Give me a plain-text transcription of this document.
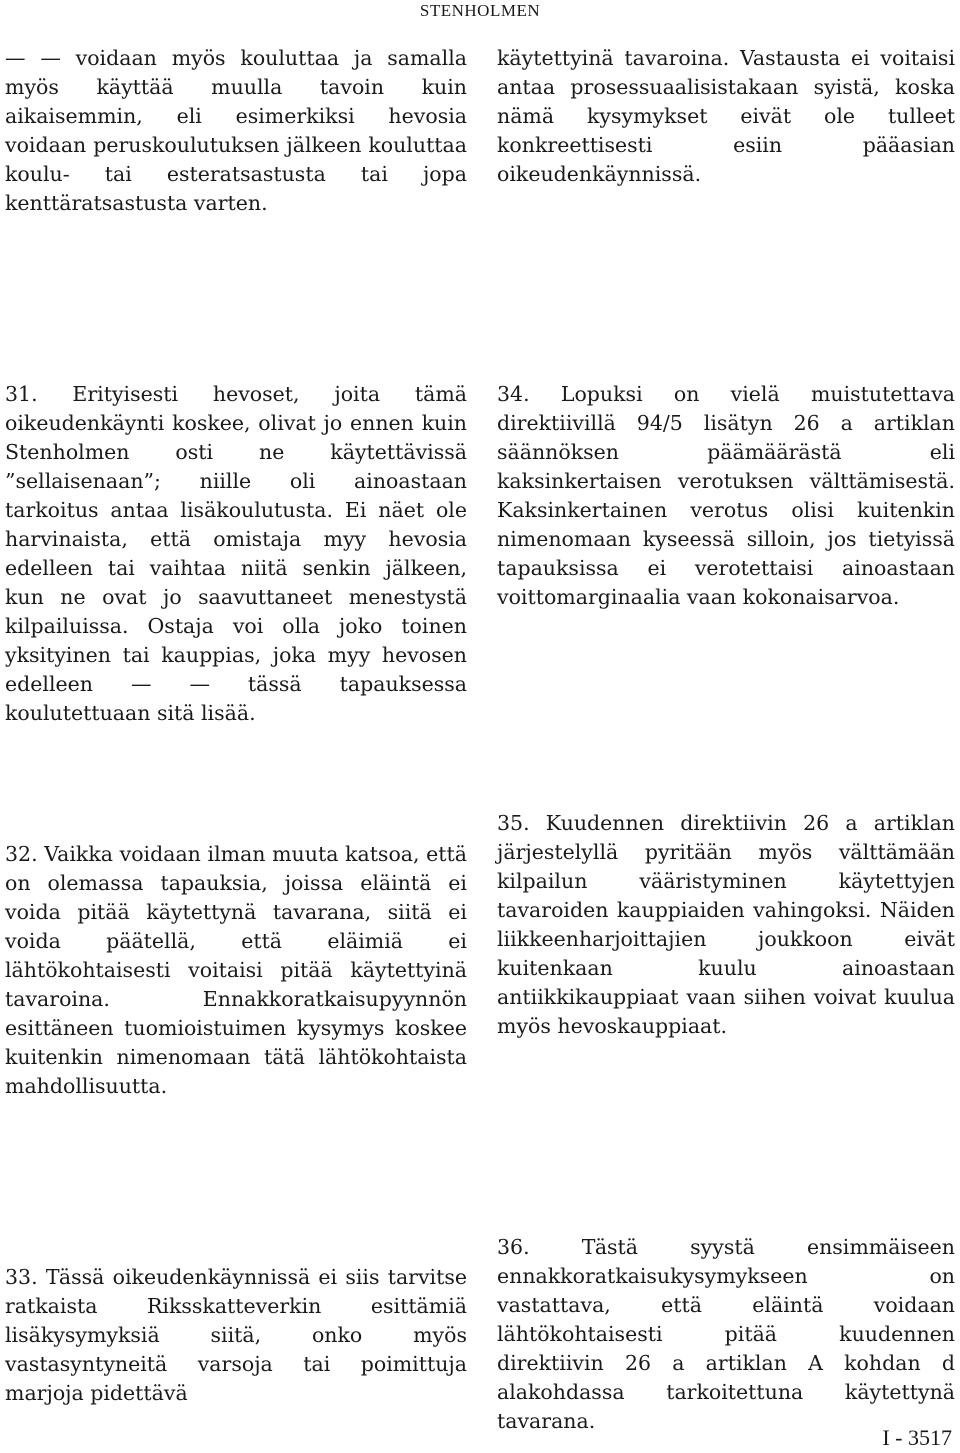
STENHOLMEN

— — voidaan myös kouluttaa ja samalla myös käyttää muulla tavoin kuin aikaisemmin, eli esimerkiksi hevosia voidaan peruskoulutuksen jälkeen kouluttaa koulu- tai esteratsastusta tai jopa kenttäratsastusta varten.

käytettyinä tavaroina. Vastausta ei voitaisi antaa prosessuaalisistakaan syistä, koska nämä kysymykset eivät ole tulleet konkreettisesti esiin pääasian oikeudenkäynnissä.

31. Erityisesti hevoset, joita tämä oikeudenkäynti koskee, olivat jo ennen kuin Stenholmen osti ne käytettävissä ”sellaisenaan”; niille oli ainoastaan tarkoitus antaa lisäkoulutusta. Ei näet ole harvinaista, että omistaja myy hevosia edelleen tai vaihtaa niitä senkin jälkeen, kun ne ovat jo saavuttaneet menestystä kilpailuissa. Ostaja voi olla joko toinen yksityinen tai kauppias, joka myy hevosen edelleen — — tässä tapauksessa koulutettuaan sitä lisää.

34. Lopuksi on vielä muistutettava direktiivillä 94/5 lisätyn 26 a artiklan säännöksen päämäärästä eli kaksinkertaisen verotuksen välttämisestä. Kaksinkertainen verotus olisi kuitenkin nimenomaan kyseessä silloin, jos tietyissä tapauksissa ei verotettaisi ainoastaan voittomarginaalia vaan kokonaisarvoa.

32. Vaikka voidaan ilman muuta katsoa, että on olemassa tapauksia, joissa eläintä ei voida pitää käytettynä tavarana, siitä ei voida päätellä, että eläimiä ei lähtökohtaisesti voitaisi pitää käytettyinä tavaroina. Ennakkoratkaisupyynnön esittäneen tuomioistuimen kysymys koskee kuitenkin nimenomaan tätä lähtökohtaista mahdollisuutta.

35. Kuudennen direktiivin 26 a artiklan järjestelyllä pyritään myös välttämään kilpailun vääristyminen käytettyjen tavaroiden kauppiaiden vahingoksi. Näiden liikkeenharjoittajien joukkoon eivät kuitenkaan kuulu ainoastaan antiikkikauppiaat vaan siihen voivat kuulua myös hevoskauppiaat.

33. Tässä oikeudenkäynnissä ei siis tarvitse ratkaista Riksskatteverkin esittämiä lisäkysymyksiä siitä, onko myös vastasyntyneitä varsoja tai poimittuja marjoja pidettävä

36. Tästä syystä ensimmäiseen ennakkoratkaisukysymykseen on vastattava, että eläintä voidaan lähtökohtaisesti pitää kuudennen direktiivin 26 a artiklan A kohdan d alakohdassa tarkoitettuna käytettynä tavarana.

I - 3517
